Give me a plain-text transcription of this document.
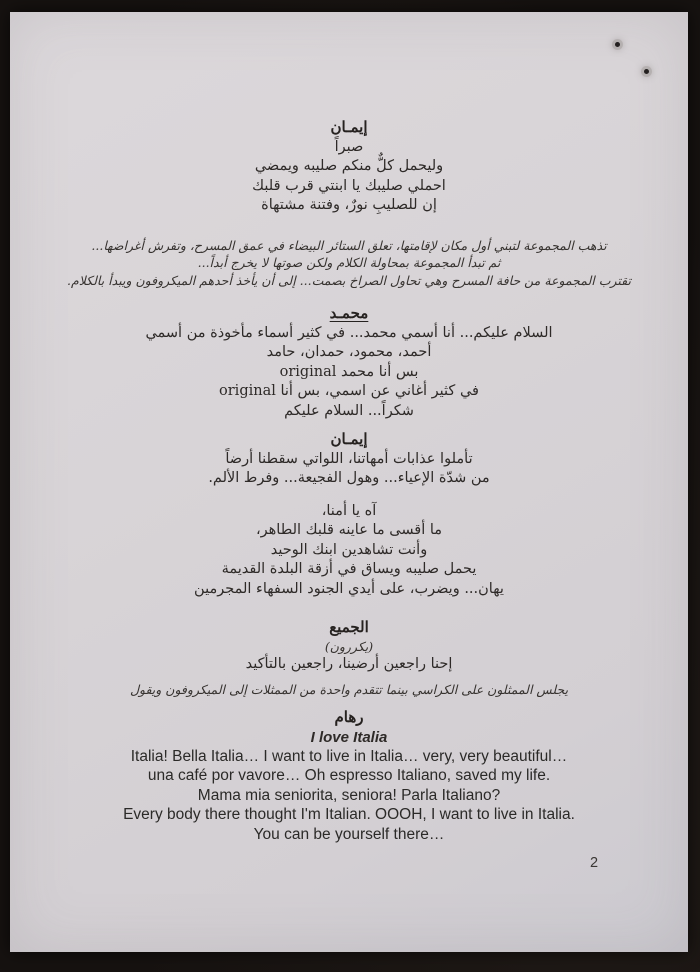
إيمـان
صبراً
وليحمل كلٌّ منكم صليبه ويمضي
احملي صليبك يا ابنتي قرب قلبك
إن للصليبِ نورٌ، وفتنة مشتهاة
تذهب المجموعة لتبني أول مكان لإقامتها، تعلق الستائر البيضاء في عمق المسرح، وتفرش أغراضها...
ثم تبدأ المجموعة بمحاولة الكلام ولكن صوتها لا يخرج أبداً...
تقترب المجموعة من حافة المسرح وهي تحاول الصراخ بصمت... إلى أن يأخذ أحدهم الميكروفون ويبدأ بالكلام.
محمـد
السلام عليكم... أنا أسمي محمد... في كثير أسماء مأخوذة من أسمي
أحمد، محمود، حمدان، حامد
بس أنا محمد original
في كثير أغاني عن اسمي، بس أنا original
شكراً... السلام عليكم
إيمـان
تأملوا عذابات أمهاتنا، اللواتي سقطنا أرضاً
من شدّة الإعياء... وهول الفجيعة... وفرط الألم.
آه يا أمنا،
ما أقسى ما عاينه قلبك الطاهر،
وأنت تشاهدين ابنك الوحيد
يحمل صليبه ويساق في أزقة البلدة القديمة
يهان... ويضرب، على أيدي الجنود السفهاء المجرمين
الجميع
(يكررون)
إحنا راجعين أرضينا، راجعين بالتأكيد
يجلس الممثلون على الكراسي بينما تتقدم واحدة من الممثلات إلى الميكروفون ويقول
رهام
I love Italia
Italia! Bella Italia… I want to live in Italia… very, very beautiful…
una café por vavore… Oh espresso Italiano, saved my life.
Mama mia seniorita, seniora! Parla Italiano?
Every body there thought I'm Italian. OOOH, I want to live in Italia.
You can be yourself there…
2
